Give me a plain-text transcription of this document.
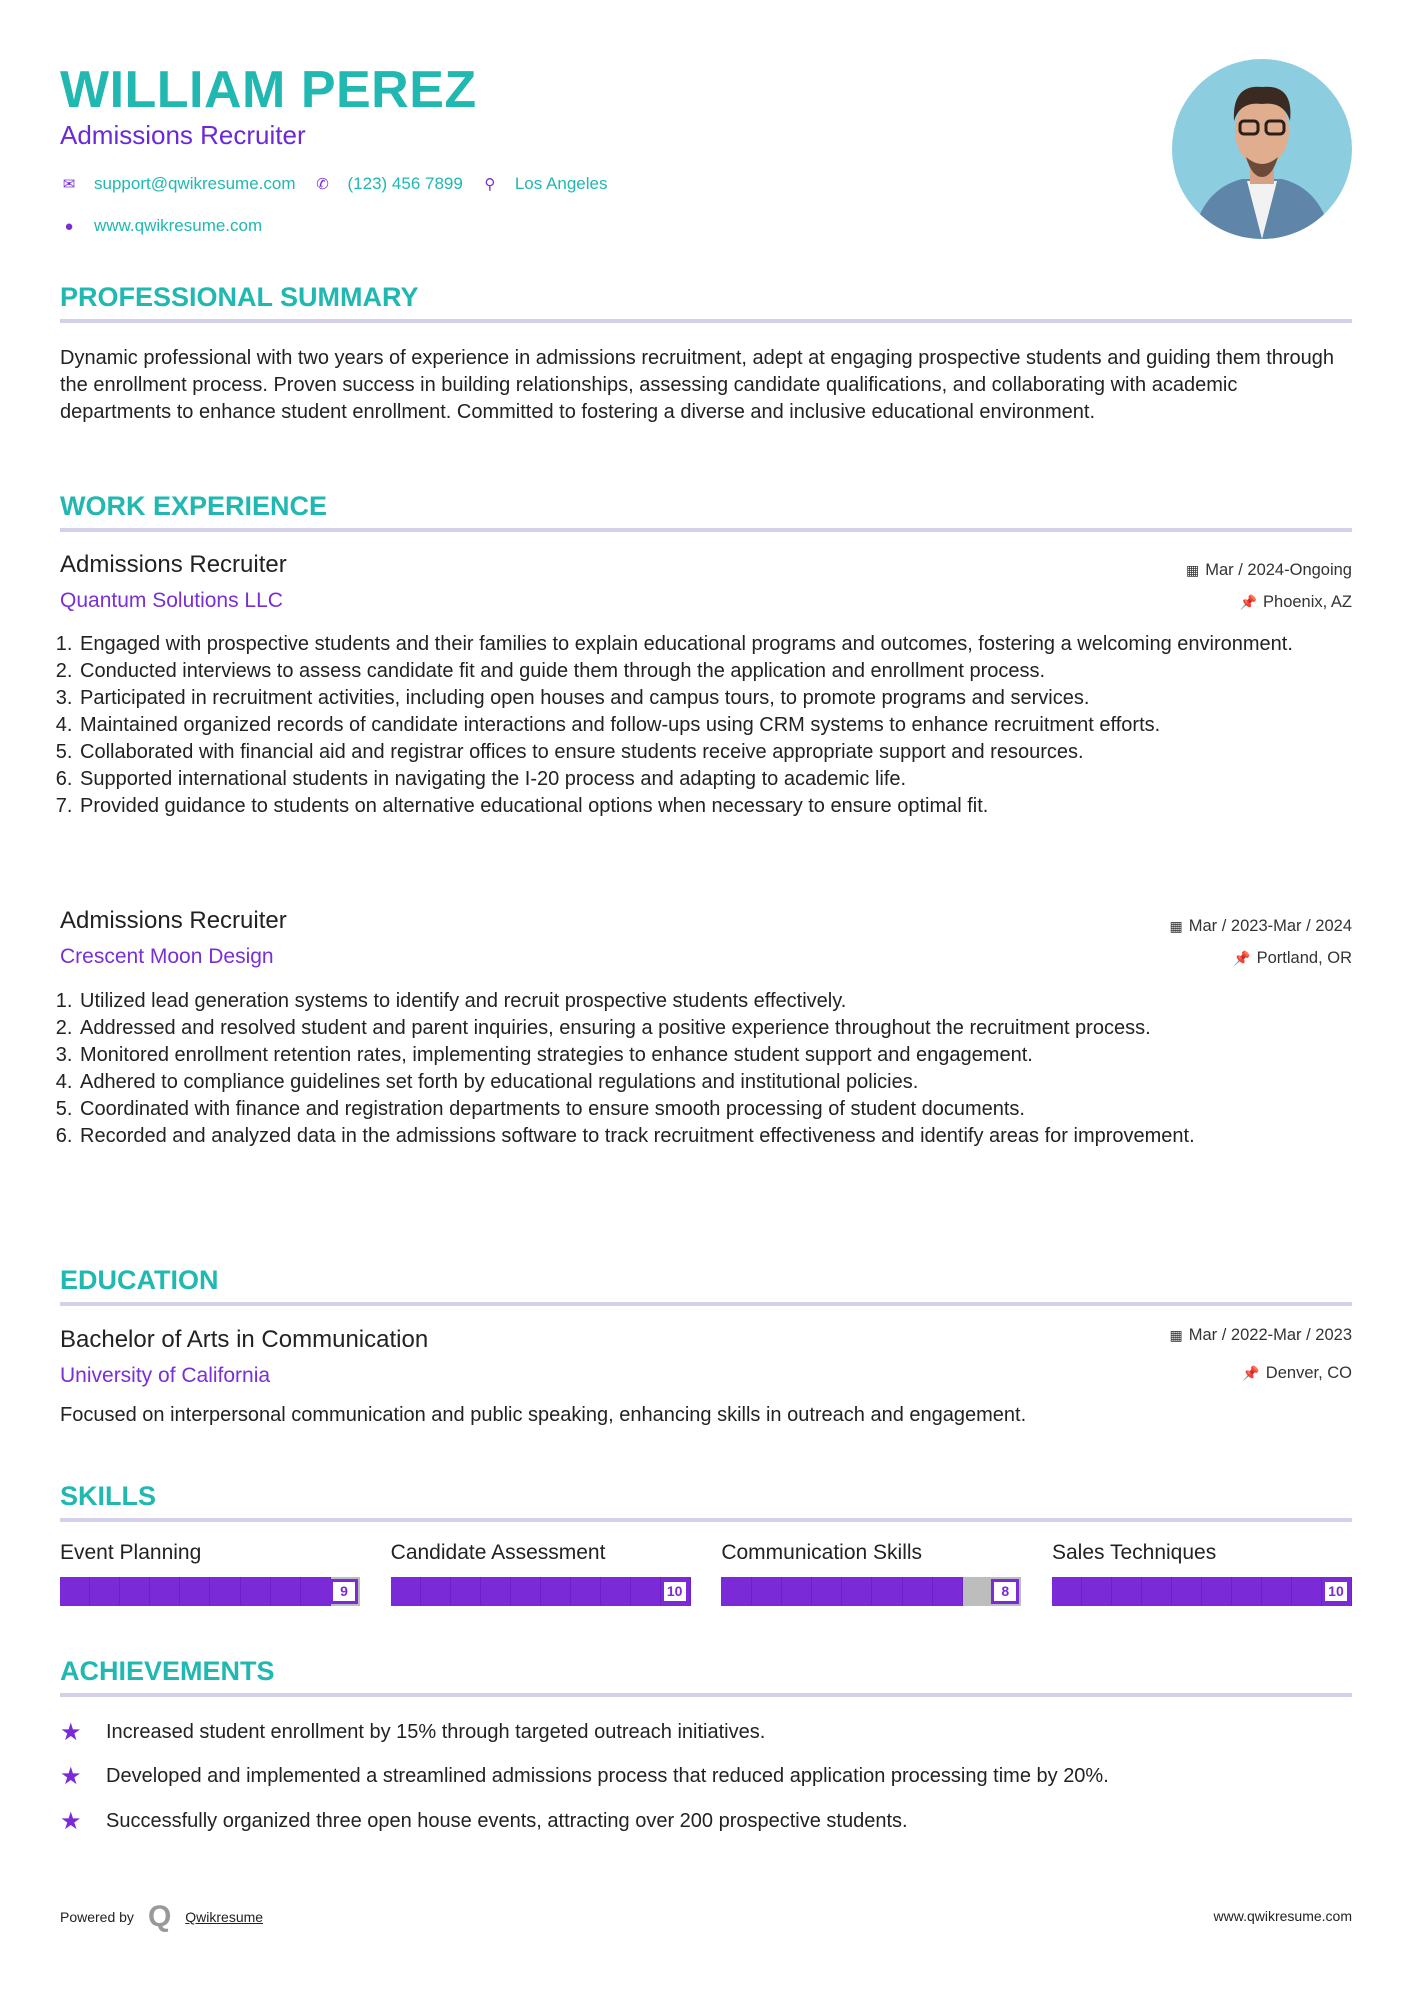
WILLIAM PEREZ
Admissions Recruiter
✉ support@qwikresume.com ✆ (123) 456 7899 ⚲ Los Angeles
● www.qwikresume.com
PROFESSIONAL SUMMARY
Dynamic professional with two years of experience in admissions recruitment, adept at engaging prospective students and guiding them through the enrollment process. Proven success in building relationships, assessing candidate qualifications, and collaborating with academic departments to enhance student enrollment. Committed to fostering a diverse and inclusive educational environment.
WORK EXPERIENCE
Admissions Recruiter
Quantum Solutions LLC
▦ Mar / 2024-Ongoing
📌 Phoenix, AZ
1. Engaged with prospective students and their families to explain educational programs and outcomes, fostering a welcoming environment.
2. Conducted interviews to assess candidate fit and guide them through the application and enrollment process.
3. Participated in recruitment activities, including open houses and campus tours, to promote programs and services.
4. Maintained organized records of candidate interactions and follow-ups using CRM systems to enhance recruitment efforts.
5. Collaborated with financial aid and registrar offices to ensure students receive appropriate support and resources.
6. Supported international students in navigating the I-20 process and adapting to academic life.
7. Provided guidance to students on alternative educational options when necessary to ensure optimal fit.
Admissions Recruiter
Crescent Moon Design
▦ Mar / 2023-Mar / 2024
📌 Portland, OR
1. Utilized lead generation systems to identify and recruit prospective students effectively.
2. Addressed and resolved student and parent inquiries, ensuring a positive experience throughout the recruitment process.
3. Monitored enrollment retention rates, implementing strategies to enhance student support and engagement.
4. Adhered to compliance guidelines set forth by educational regulations and institutional policies.
5. Coordinated with finance and registration departments to ensure smooth processing of student documents.
6. Recorded and analyzed data in the admissions software to track recruitment effectiveness and identify areas for improvement.
EDUCATION
Bachelor of Arts in Communication
University of California
▦ Mar / 2022-Mar / 2023
📌 Denver, CO
Focused on interpersonal communication and public speaking, enhancing skills in outreach and engagement.
SKILLS
Event Planning
9
Candidate Assessment
10
Communication Skills
8
Sales Techniques
10
ACHIEVEMENTS
★	Increased student enrollment by 15% through targeted outreach initiatives.
★	Developed and implemented a streamlined admissions process that reduced application processing time by 20%.
★	Successfully organized three open house events, attracting over 200 prospective students.
Powered by Q Qwikresume	www.qwikresume.com
